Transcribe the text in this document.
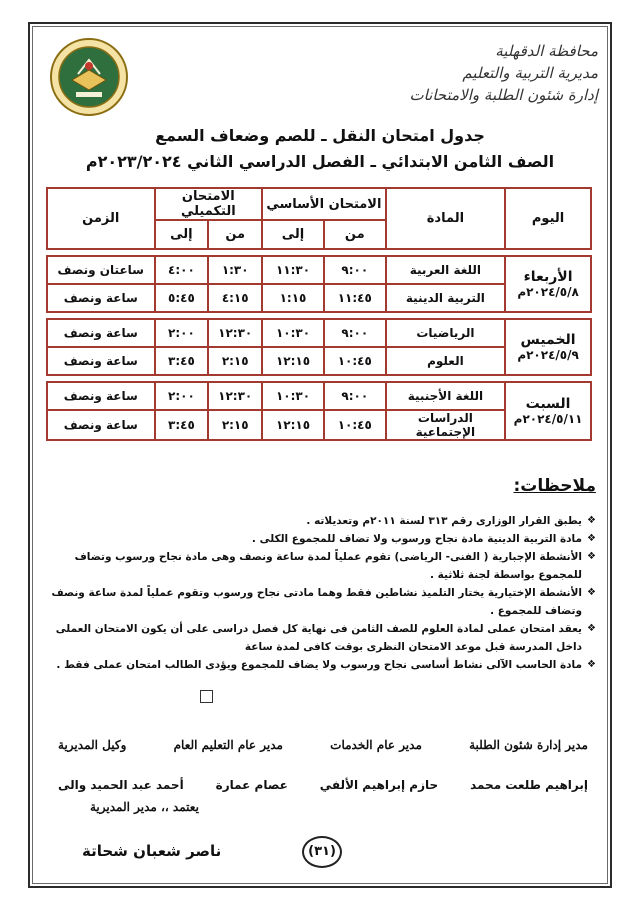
محافظة الدقهلية
مديرية التربية والتعليم
إدارة شئون الطلبة والامتحانات
جدول امتحان النقل ـ للصم وضعاف السمع
الصف الثامن الابتدائي ـ الفصل الدراسي الثاني ٢٠٢٣/٢٠٢٤م
اليوم	المادة	الامتحان الأساسي		الامتحان التكميلي		الزمن
		من	إلى	من	إلى	

الأربعاء
٢٠٢٤/٥/٨م	اللغة العربية	٩:٠٠	١١:٣٠	١:٣٠	٤:٠٠	ساعتان ونصف
	التربية الدينية	١١:٤٥	١:١٥	٤:١٥	٥:٤٥	ساعة ونصف

الخميس
٢٠٢٤/٥/٩م	الرياضيات	٩:٠٠	١٠:٣٠	١٢:٣٠	٢:٠٠	ساعة ونصف
	العلوم	١٠:٤٥	١٢:١٥	٢:١٥	٣:٤٥	ساعة ونصف

السبت
٢٠٢٤/٥/١١م	اللغة الأجنبية	٩:٠٠	١٠:٣٠	١٢:٣٠	٢:٠٠	ساعة ونصف
	الدراسات الإجتماعية	١٠:٤٥	١٢:١٥	٢:١٥	٣:٤٥	ساعة ونصف
ملاحظات:
❖
يطبق القرار الوزارى رقم ٣١٣ لسنة ٢٠١١م وتعديلاته .
❖
مادة التربية الدينية مادة نجاح ورسوب ولا تضاف للمجموع الكلى .
❖
الأنشطة الإجبارية ( الفنى- الرياضى) تقوم عملياً لمدة ساعة ونصف وهى مادة نجاح ورسوب وتضاف للمجموع بواسطة لجنة ثلاثية .
❖
الأنشطة الإختيارية يختار التلميذ نشاطين فقط وهما مادتى نجاح ورسوب وتقوم عملياً لمدة ساعة ونصف وتضاف للمجموع .
❖
يعقد امتحان عملى لمادة العلوم للصف الثامن فى نهاية كل فصل دراسى على أن يكون الامتحان العملى داخل المدرسة قبل موعد الامتحان النظرى بوقت كافى لمدة ساعة
❖
مادة الحاسب الآلى نشاط أساسى نجاح ورسوب ولا يضاف للمجموع ويؤدى الطالب امتحان عملى فقط .
مدير إدارة شئون الطلبة
مدير عام الخدمات
مدير عام التعليم العام
وكيل المديرية
إبراهيم طلعت محمد
حازم إبراهيم الألفي
عصام عمارة
أحمد عبد الحميد والى
يعتمد ،، مدير المديرية
(٣١)
ناصر شعبان شحاتة
